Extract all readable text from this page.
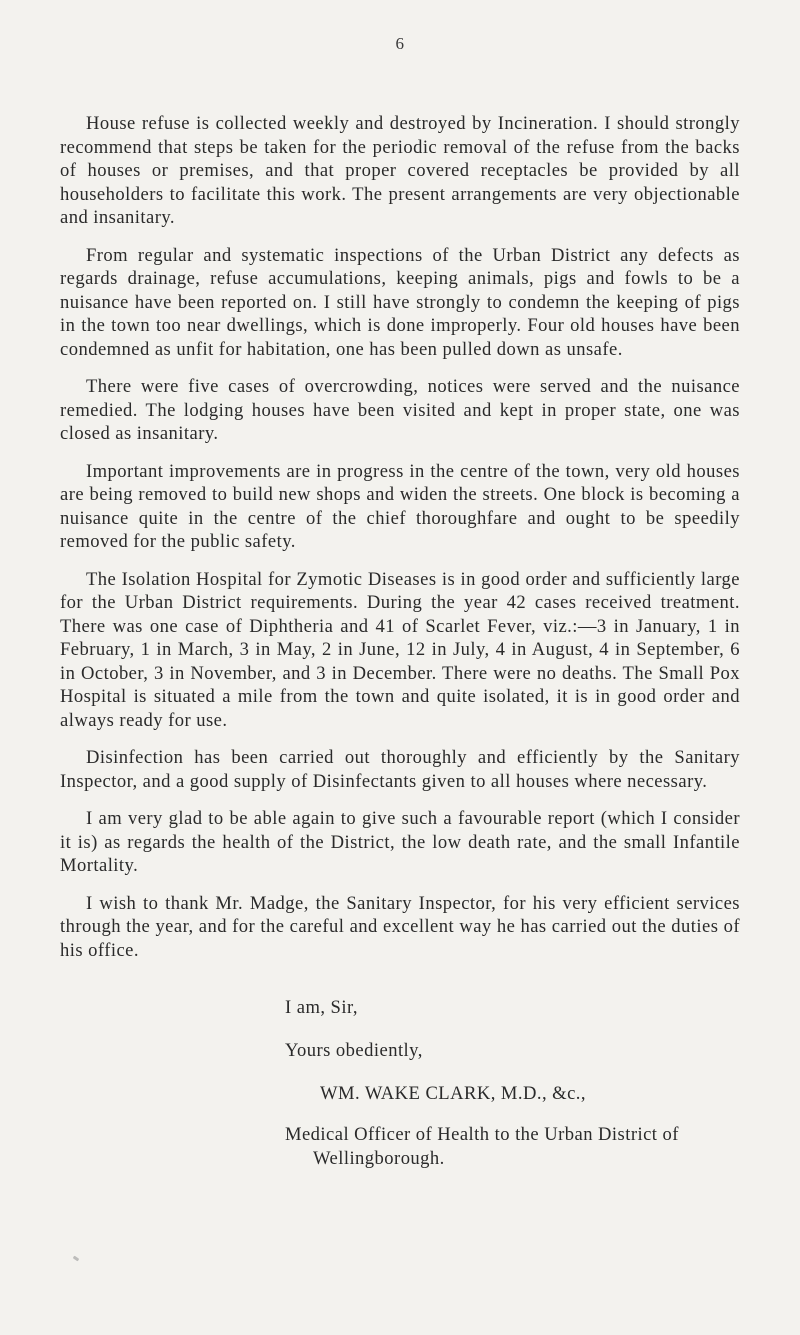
6

House refuse is collected weekly and destroyed by Incineration. I should strongly recommend that steps be taken for the periodic removal of the refuse from the backs of houses or premises, and that proper covered receptacles be provided by all householders to facilitate this work. The present arrangements are very objectionable and insanitary.

From regular and systematic inspections of the Urban District any defects as regards drainage, refuse accumulations, keeping animals, pigs and fowls to be a nuisance have been reported on. I still have strongly to condemn the keeping of pigs in the town too near dwellings, which is done improperly. Four old houses have been condemned as unfit for habitation, one has been pulled down as unsafe.

There were five cases of overcrowding, notices were served and the nuisance remedied. The lodging houses have been visited and kept in proper state, one was closed as insanitary.

Important improvements are in progress in the centre of the town, very old houses are being removed to build new shops and widen the streets. One block is becoming a nuisance quite in the centre of the chief thoroughfare and ought to be speedily removed for the public safety.

The Isolation Hospital for Zymotic Diseases is in good order and sufficiently large for the Urban District requirements. During the year 42 cases received treatment. There was one case of Diphtheria and 41 of Scarlet Fever, viz.:—3 in January, 1 in February, 1 in March, 3 in May, 2 in June, 12 in July, 4 in August, 4 in September, 6 in October, 3 in November, and 3 in December. There were no deaths. The Small Pox Hospital is situated a mile from the town and quite isolated, it is in good order and always ready for use.

Disinfection has been carried out thoroughly and efficiently by the Sanitary Inspector, and a good supply of Disinfectants given to all houses where necessary.

I am very glad to be able again to give such a favourable report (which I consider it is) as regards the health of the District, the low death rate, and the small Infantile Mortality.

I wish to thank Mr. Madge, the Sanitary Inspector, for his very efficient services through the year, and for the careful and excellent way he has carried out the duties of his office.

I am, Sir,
Yours obediently,
WM. WAKE CLARK, M.D., &c.,
Medical Officer of Health to the Urban District of
Wellingborough.
